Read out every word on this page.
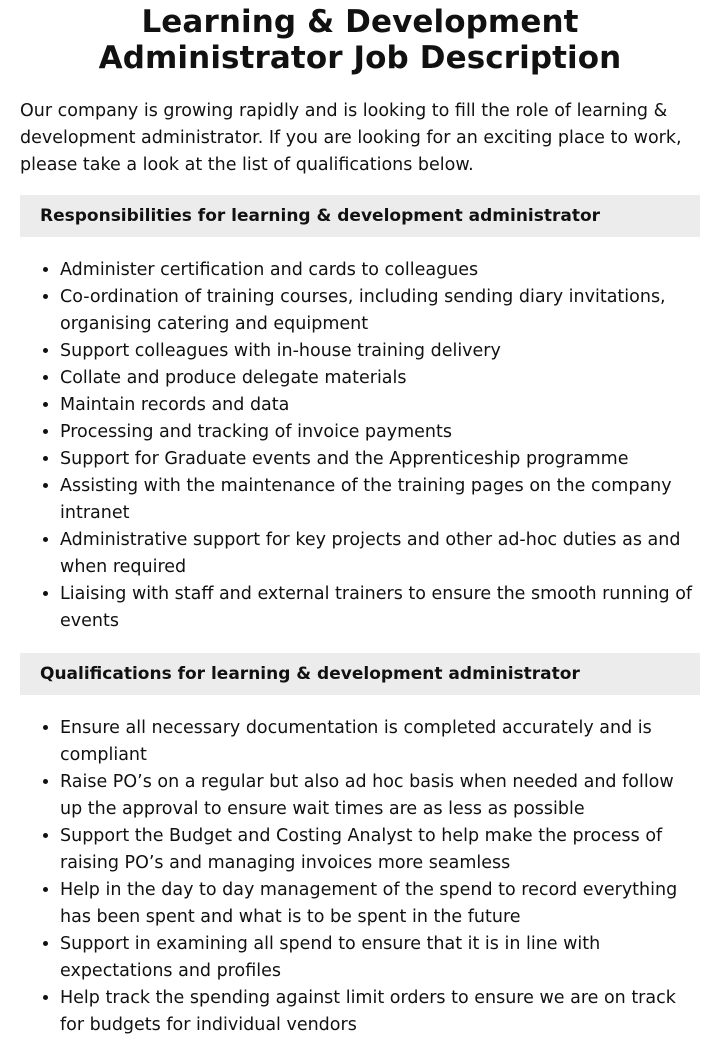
Learning & Development Administrator Job Description

Our company is growing rapidly and is looking to fill the role of learning & development administrator. If you are looking for an exciting place to work, please take a look at the list of qualifications below.

Responsibilities for learning & development administrator
• Administer certification and cards to colleagues
• Co-ordination of training courses, including sending diary invitations, organising catering and equipment
• Support colleagues with in-house training delivery
• Collate and produce delegate materials
• Maintain records and data
• Processing and tracking of invoice payments
• Support for Graduate events and the Apprenticeship programme
• Assisting with the maintenance of the training pages on the company intranet
• Administrative support for key projects and other ad-hoc duties as and when required
• Liaising with staff and external trainers to ensure the smooth running of events
Qualifications for learning & development administrator
• Ensure all necessary documentation is completed accurately and is compliant
• Raise PO’s on a regular but also ad hoc basis when needed and follow up the approval to ensure wait times are as less as possible
• Support the Budget and Costing Analyst to help make the process of raising PO’s and managing invoices more seamless
• Help in the day to day management of the spend to record everything has been spent and what is to be spent in the future
• Support in examining all spend to ensure that it is in line with expectations and profiles
• Help track the spending against limit orders to ensure we are on track for budgets for individual vendors
